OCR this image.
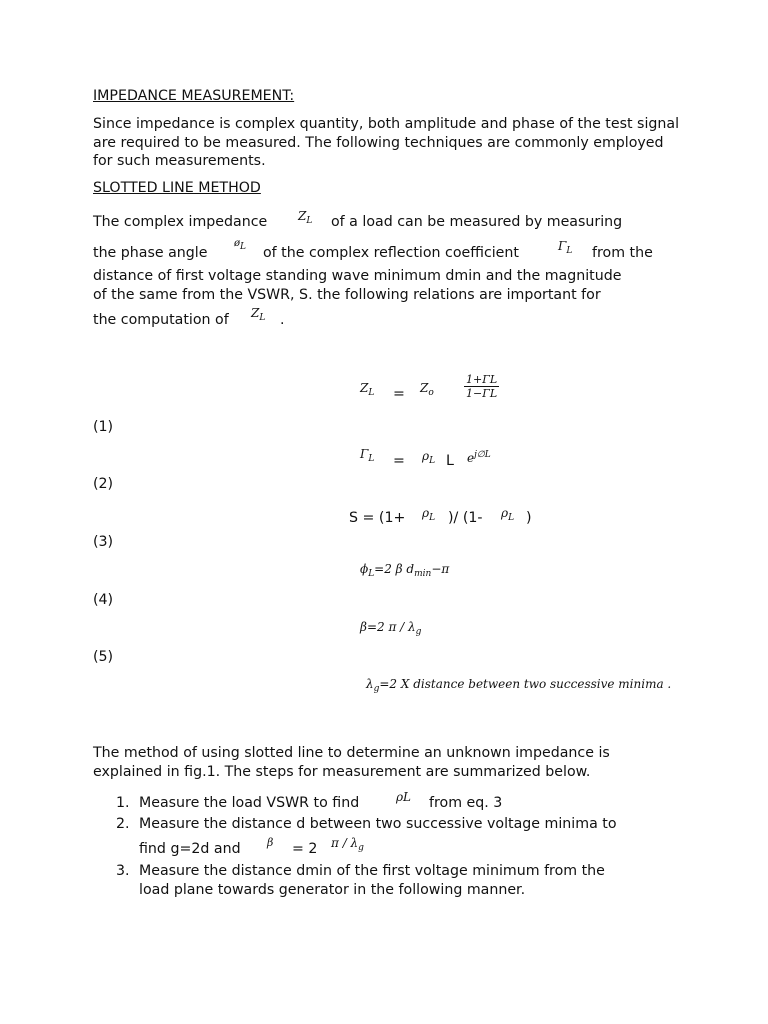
IMPEDANCE MEASUREMENT:
Since impedance is complex quantity, both amplitude and phase of the test signal are required to be measured. The following techniques are commonly employed for such measurements.
SLOTTED LINE METHOD
The complex impedance	$Z_L$ of a load can be measured by measuring
the phase angle
øL of the complex reflection coefficient	$\Gamma_L$ from the
distance of first voltage standing wave minimum dmin and the magnitude
of the same from the VSWR, S. the following relations are important for
the computation of $Z_L$ .
$Z_L = Z_o$	$\frac{1+\Gamma L}{1-\Gamma L}$
(1)
$\Gamma_L = \rho_L$ L $e^{j\emptyset L}$
(2)
$S = (1+ \rho_L$ )/ (1- $\rho_L$ )
(3)
$\phi_L=2$ β $d_{min}-\pi$
(4)
β=2 π / $\lambda_g$
(5)
$\lambda_g=2$ X distance between two successive minima .
The method of using slotted line to determine an unknown impedance is explained in fig.1. The steps for measurement are summarized below.
1. Measure the load VSWR to find	ρL from eq. 3
2. Measure the distance d between two successive voltage minima to
find g=2d and β = 2 π / $\lambda_g$
3. Measure the distance dmin of the first voltage minimum from the
load plane towards generator in the following manner.
